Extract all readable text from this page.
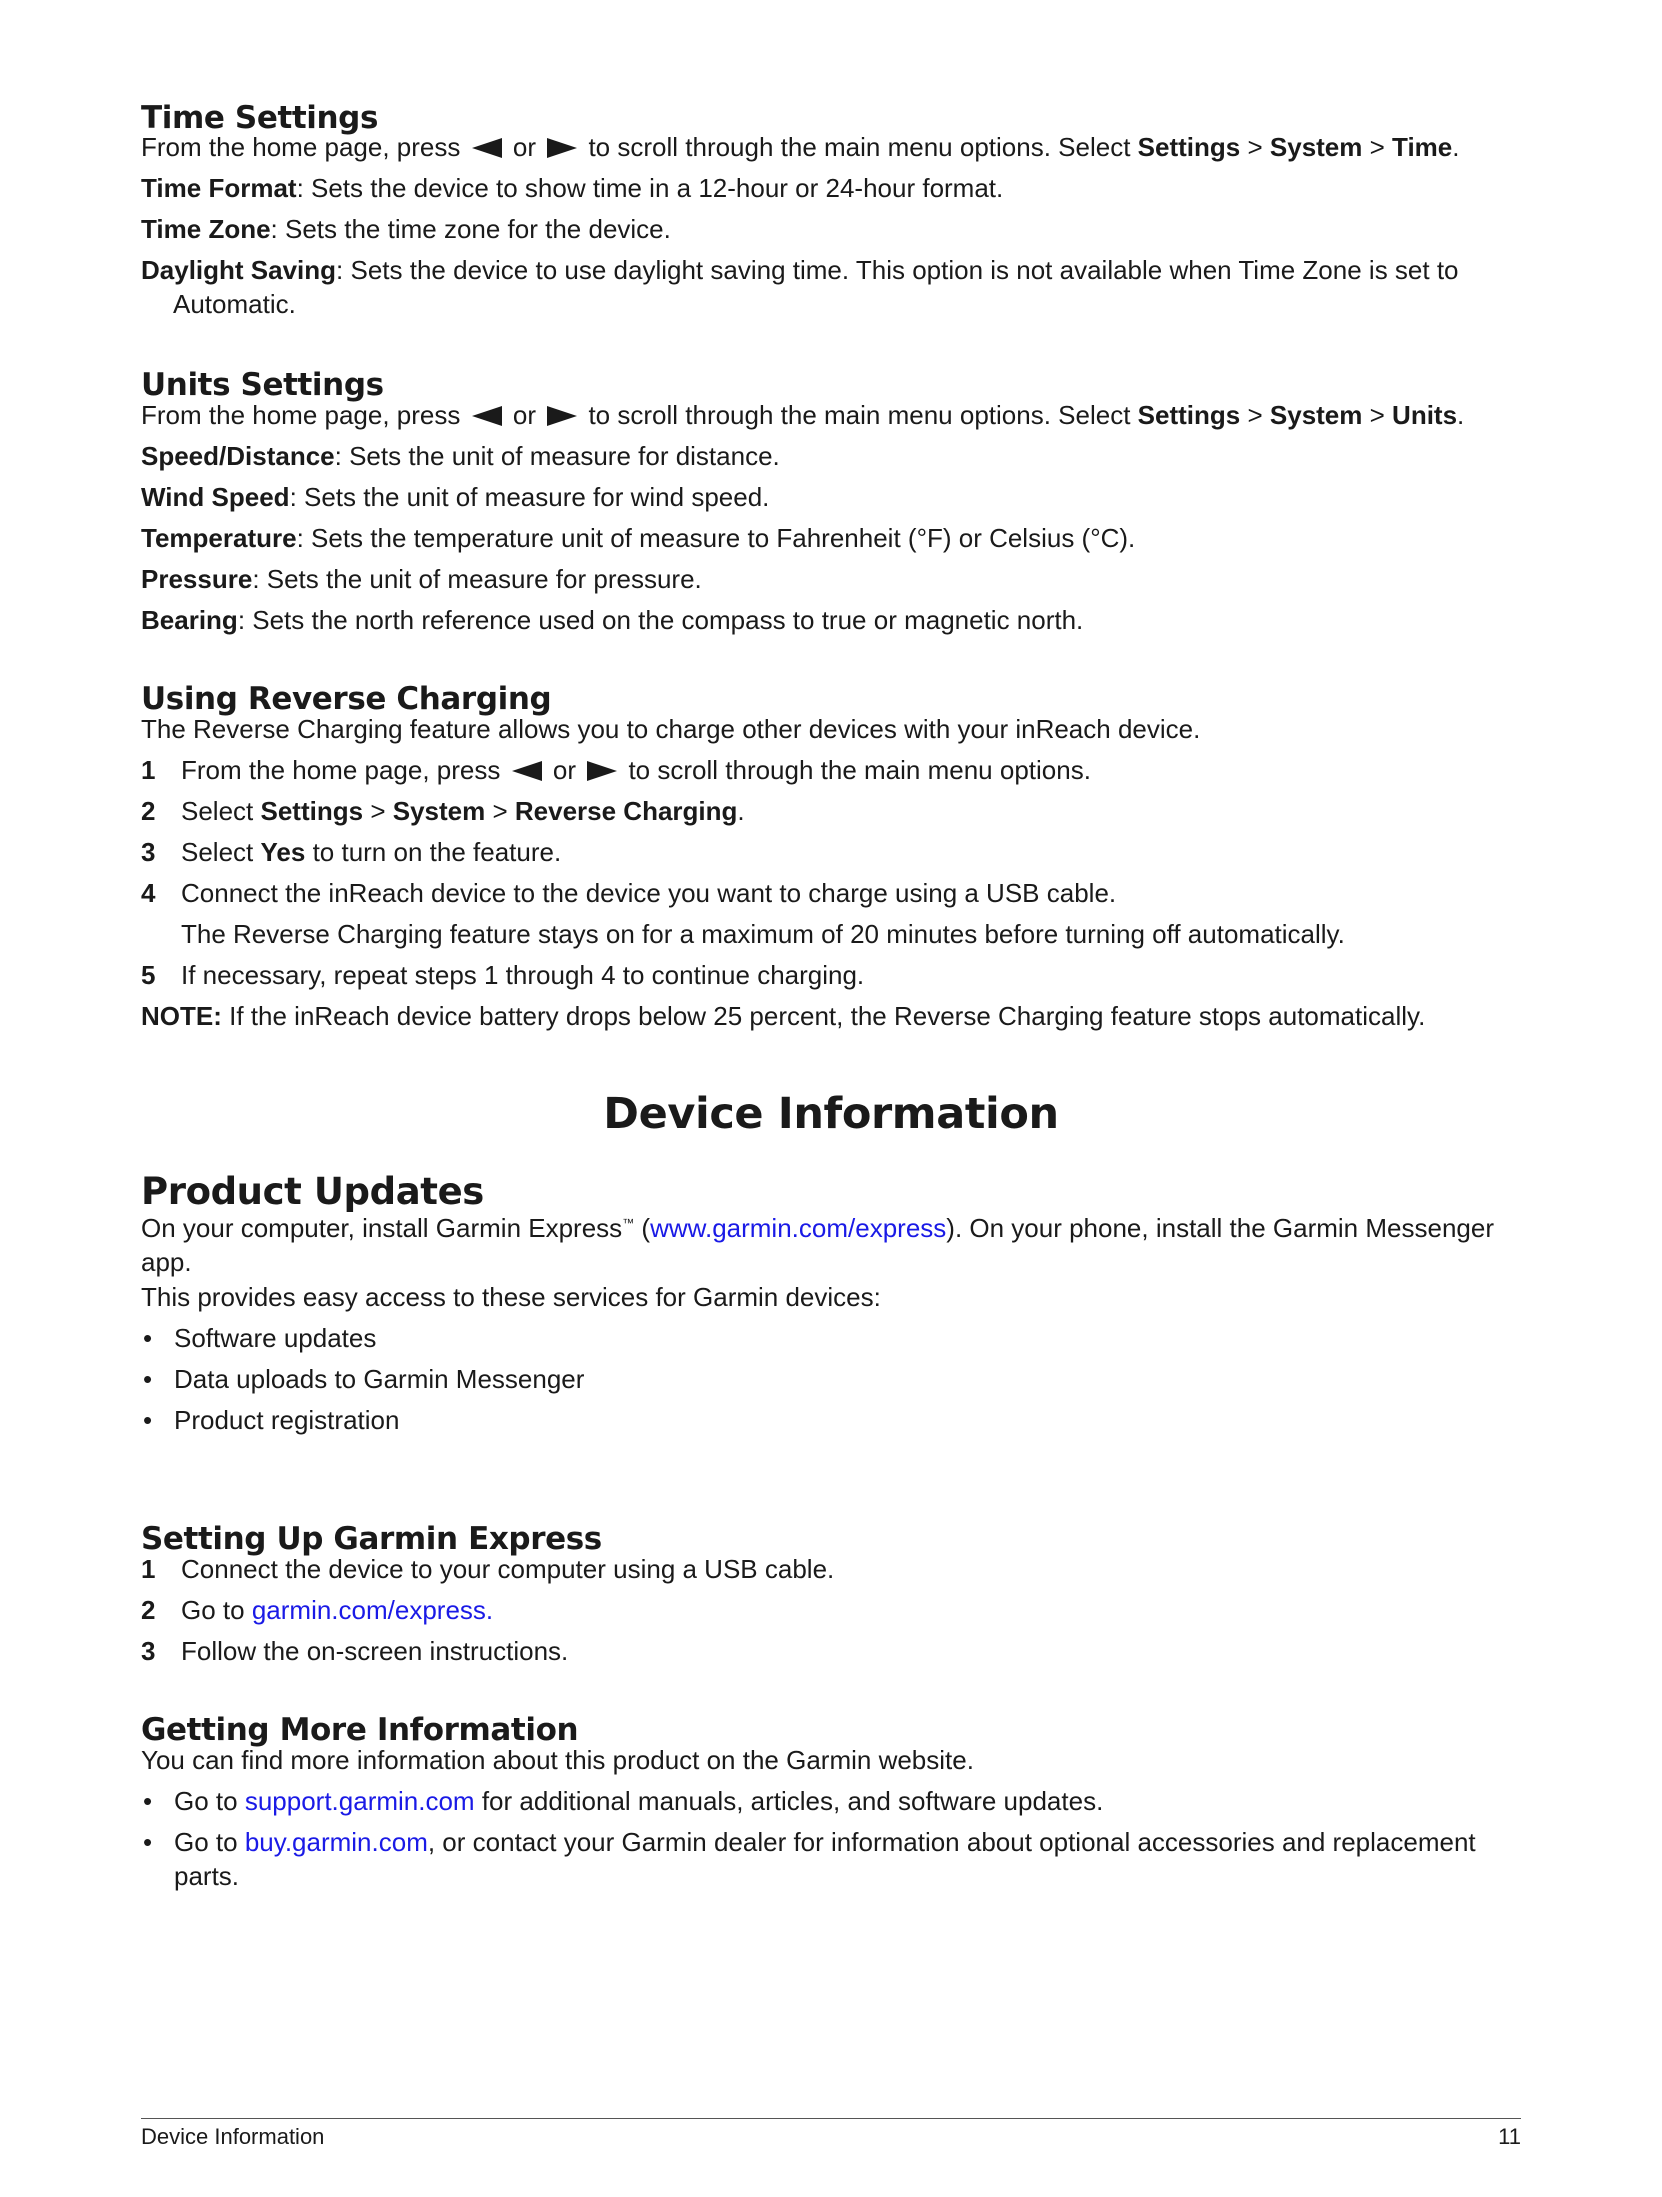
Time Settings

From the home page, press or to scroll through the main menu options. Select Settings > System > Time.

Time Format: Sets the device to show time in a 12-hour or 24-hour format.

Time Zone: Sets the time zone for the device.

Daylight Saving: Sets the device to use daylight saving time. This option is not available when Time Zone is set to Automatic.

Units Settings

From the home page, press or to scroll through the main menu options. Select Settings > System > Units.

Speed/Distance: Sets the unit of measure for distance.

Wind Speed: Sets the unit of measure for wind speed.

Temperature: Sets the temperature unit of measure to Fahrenheit (°F) or Celsius (°C).

Pressure: Sets the unit of measure for pressure.

Bearing: Sets the north reference used on the compass to true or magnetic north.

Using Reverse Charging

The Reverse Charging feature allows you to charge other devices with your inReach device.

1 From the home page, press or to scroll through the main menu options.
2 Select Settings > System > Reverse Charging.
3 Select Yes to turn on the feature.
4 Connect the inReach device to the device you want to charge using a USB cable.
The Reverse Charging feature stays on for a maximum of 20 minutes before turning off automatically.
5 If necessary, repeat steps 1 through 4 to continue charging.

NOTE: If the inReach device battery drops below 25 percent, the Reverse Charging feature stops automatically.

Device Information
Product Updates

On your computer, install Garmin Express™ (www.garmin.com/express). On your phone, install the Garmin Messenger app.

This provides easy access to these services for Garmin devices:

• Software updates
• Data uploads to Garmin Messenger
• Product registration
Setting Up Garmin Express
1 Connect the device to your computer using a USB cable.
2 Go to garmin.com/express.
3 Follow the on-screen instructions.
Getting More Information

You can find more information about this product on the Garmin website.

• Go to support.garmin.com for additional manuals, articles, and software updates.
• Go to buy.garmin.com, or contact your Garmin dealer for information about optional accessories and replacement parts.
Device Information	11
